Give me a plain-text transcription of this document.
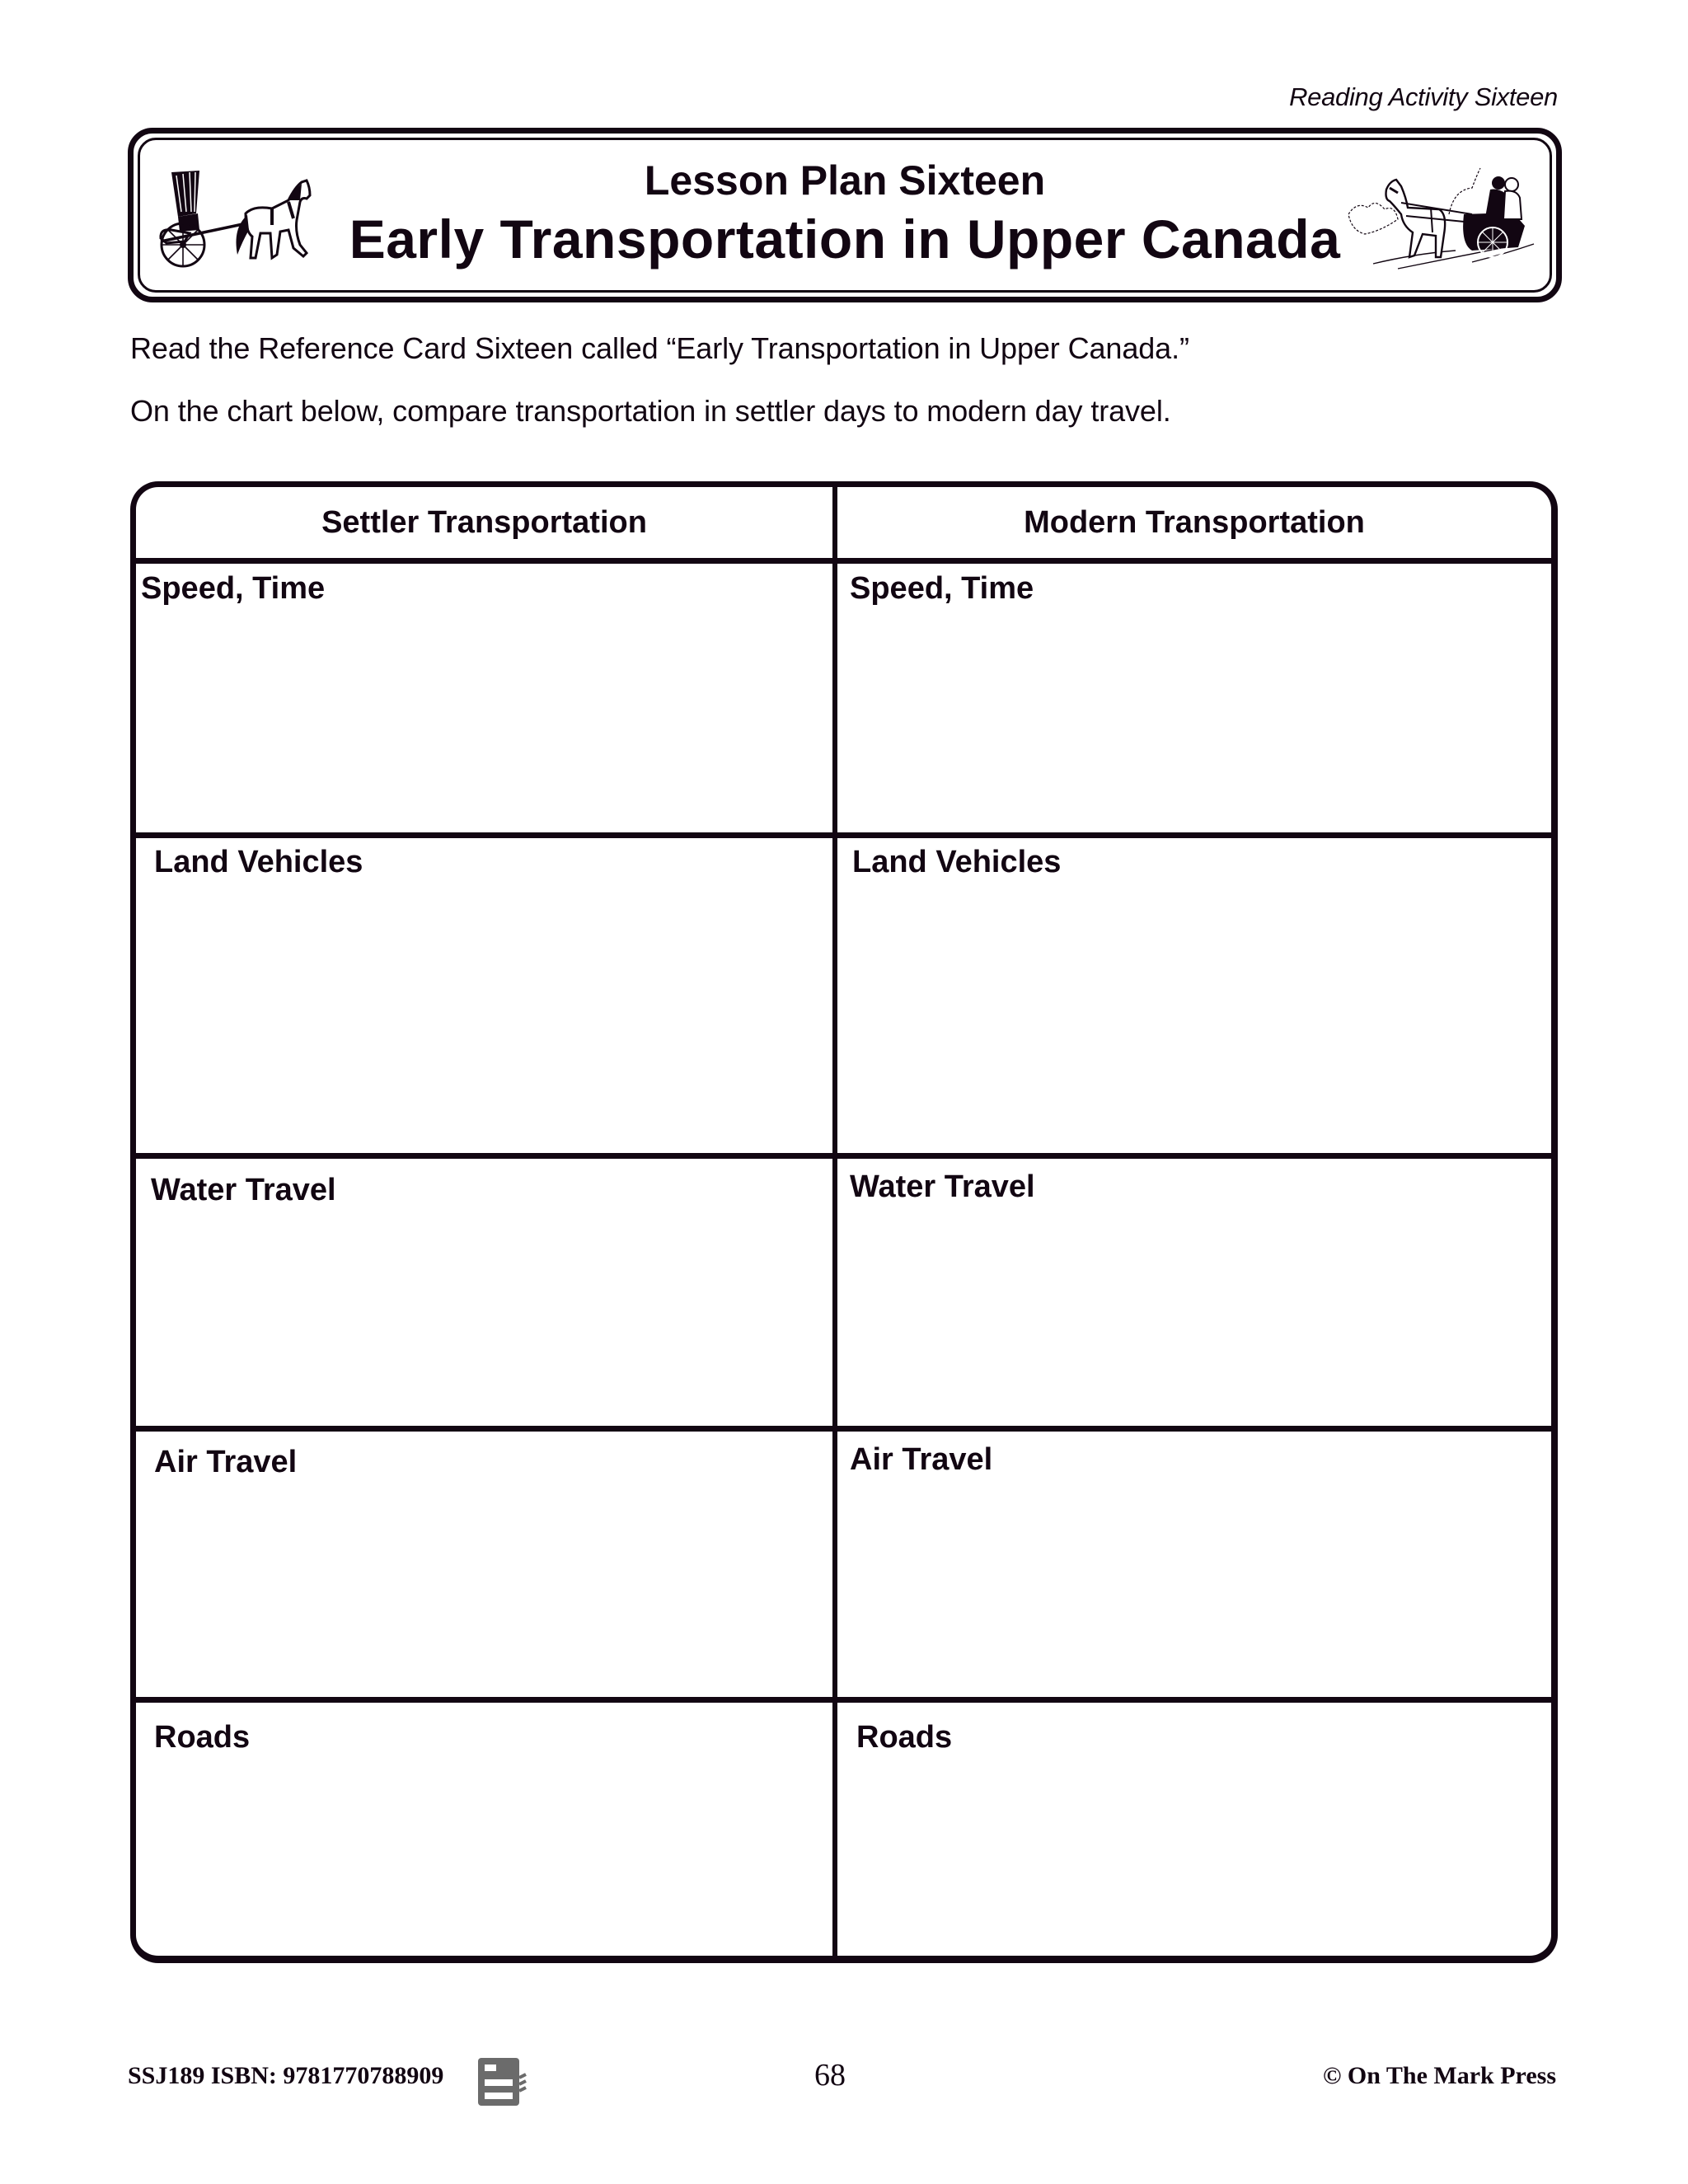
Reading Activity Sixteen
Lesson Plan Sixteen
Early Transportation in Upper Canada
Read the Reference Card Sixteen called “Early Transportation in Upper Canada.”
On the chart below, compare transportation in settler days to modern day travel.
Settler Transportation	Modern Transportation
Speed, Time	Speed, Time
Land Vehicles	Land Vehicles
Water Travel	Water Travel
Air Travel	Air Travel
Roads	Roads
SSJ189 ISBN: 9781770788909	68	© On The Mark Press
